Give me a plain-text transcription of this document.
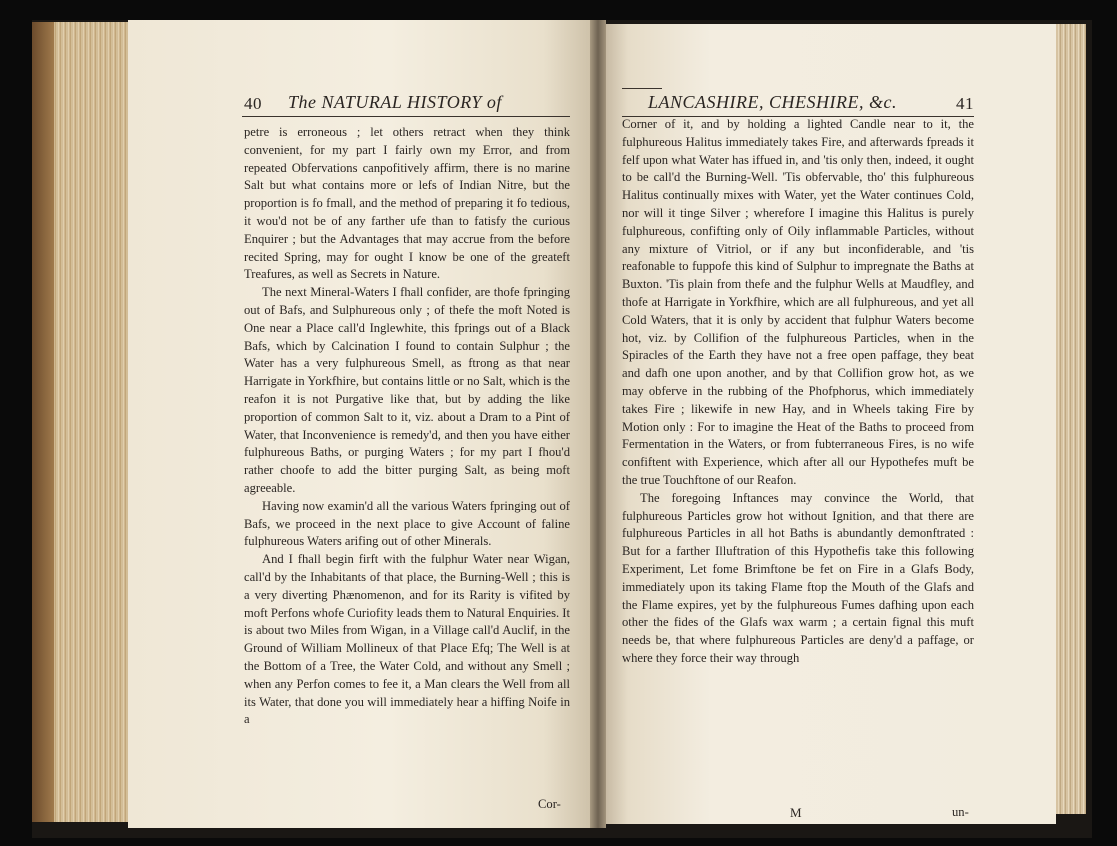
40 The NATURAL HISTORY of

petre is erroneous ; let others retract when they think convenient, for my part I fairly own my Error, and from repeated Obfervations canpofitively affirm, there is no marine Salt but what contains more or lefs of Indian Nitre, but the proportion is fo fmall, and the method of preparing it fo tedious, it wou'd not be of any farther ufe than to fatisfy the curious Enquirer ; but the Advantages that may accrue from the before recited Spring, may for ought I know be one of the greateft Treafures, as well as Secrets in Nature.

The next Mineral-Waters I fhall confider, are thofe fpringing out of Bafs, and Sulphureous only ; of thefe the moft Noted is One near a Place call'd Inglewhite, this fprings out of a Black Bafs, which by Calcination I found to contain Sulphur ; the Water has a very fulphureous Smell, as ftrong as that near Harrigate in Yorkfhire, but contains little or no Salt, which is the reafon it is not Purgative like that, but by adding the like proportion of common Salt to it, viz. about a Dram to a Pint of Water, that Inconvenience is remedy'd, and then you have either fulphureous Baths, or purging Waters ; for my part I fhou'd rather choofe to add the bitter purging Salt, as being moft agreeable.

Having now examin'd all the various Waters fpringing out of Bafs, we proceed in the next place to give Account of faline fulphureous Waters arifing out of other Minerals.

And I fhall begin firft with the fulphur Water near Wigan, call'd by the Inhabitants of that place, the Burning-Well ; this is a very diverting Phænomenon, and for its Rarity is vifited by moft Perfons whofe Curiofity leads them to Natural Enquiries. It is about two Miles from Wigan, in a Village call'd Auclif, in the Ground of William Mollineux of that Place Efq; The Well is at the Bottom of a Tree, the Water Cold, and without any Smell ; when any Perfon comes to fee it, a Man clears the Well from all its Water, that done you will immediately hear a hiffing Noife in a

Cor-
LANCASHIRE, CHESHIRE, &c.	41

Corner of it, and by holding a lighted Candle near to it, the fulphureous Halitus immediately takes Fire, and afterwards fpreads it felf upon what Water has iffued in, and 'tis only then, indeed, it ought to be call'd the Burning-Well. 'Tis obfervable, tho' this fulphureous Halitus continually mixes with Water, yet the Water continues Cold, nor will it tinge Silver ; wherefore I imagine this Halitus is purely fulphureous, confifting only of Oily inflammable Particles, without any mixture of Vitriol, or if any but inconfiderable, and 'tis reafonable to fuppofe this kind of Sulphur to impregnate the Baths at Buxton. 'Tis plain from thefe and the fulphur Wells at Maudfley, and thofe at Harrigate in Yorkfhire, which are all fulphureous, and yet all Cold Waters, that it is only by accident that fulphur Waters become hot, viz. by Collifion of the fulphureous Particles, when in the Spiracles of the Earth they have not a free open paffage, they beat and dafh one upon another, and by that Collifion grow hot, as we may obferve in the rubbing of the Phofphorus, which immediately takes Fire ; likewife in new Hay, and in Wheels taking Fire by Motion only : For to imagine the Heat of the Baths to proceed from Fermentation in the Waters, or from fubterraneous Fires, is no wife confiftent with Experience, which after all our Hypothefes muft be the true Touchftone of our Reafon.

The foregoing Inftances may convince the World, that fulphureous Particles grow hot without Ignition, and that there are fulphureous Particles in all hot Baths is abundantly demonftrated : But for a farther Illuftration of this Hypothefis take this following Experiment, Let fome Brimftone be fet on Fire in a Glafs Body, immediately upon its taking Flame ftop the Mouth of the Glafs and the Flame expires, yet by the fulphureous Fumes dafhing upon each other the fides of the Glafs wax warm ; a certain fignal this muft needs be, that where fulphureous Particles are deny'd a paffage, or where they force their way through

M	un-
